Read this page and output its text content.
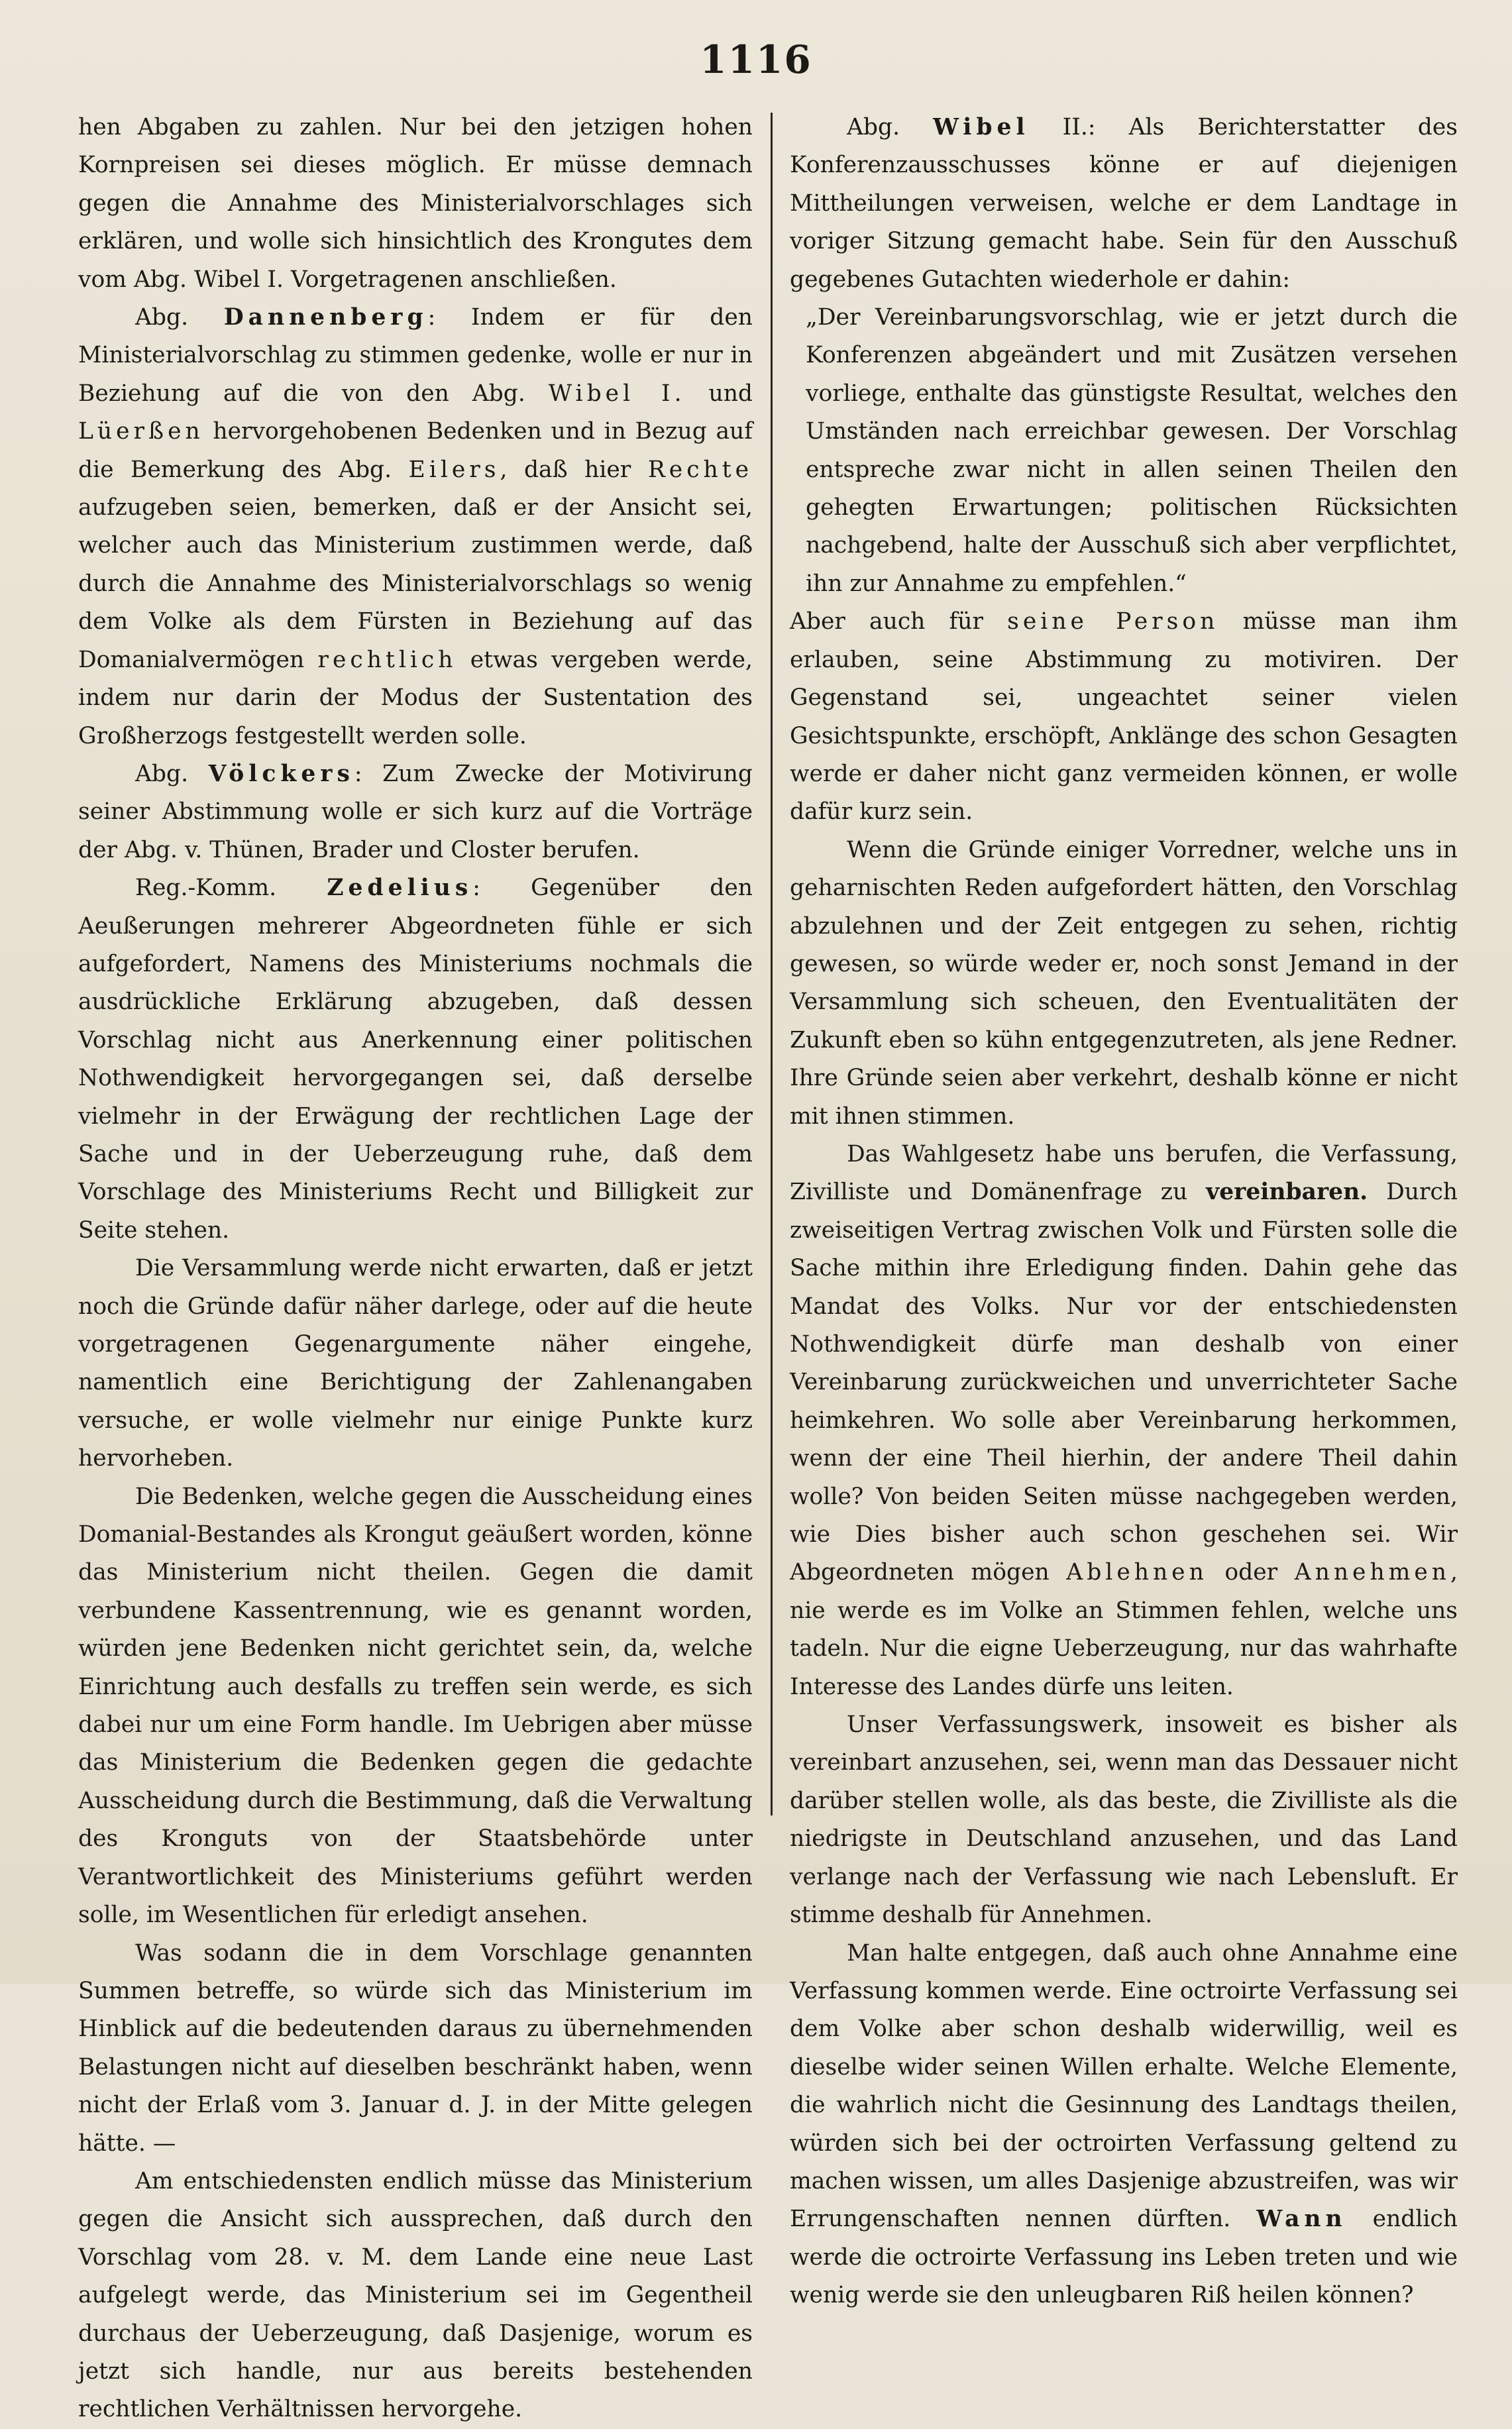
1116

hen Abgaben zu zahlen. Nur bei den jetzigen hohen Kornpreisen sei dieses möglich. Er müsse demnach gegen die Annahme des Ministerialvorschlages sich erklären, und wolle sich hinsichtlich des Krongutes dem vom Abg. Wibel I. Vorgetragenen anschließen.

Abg. Dannenberg: Indem er für den Ministerialvorschlag zu stimmen gedenke, wolle er nur in Beziehung auf die von den Abg. Wibel I. und Lüerßen hervorgehobenen Bedenken und in Bezug auf die Bemerkung des Abg. Eilers, daß hier Rechte aufzugeben seien, bemerken, daß er der Ansicht sei, welcher auch das Ministerium zustimmen werde, daß durch die Annahme des Ministerialvorschlags so wenig dem Volke als dem Fürsten in Beziehung auf das Domanialvermögen rechtlich etwas vergeben werde, indem nur darin der Modus der Sustentation des Großherzogs festgestellt werden solle.

Abg. Völckers: Zum Zwecke der Motivirung seiner Abstimmung wolle er sich kurz auf die Vorträge der Abg. v. Thünen, Brader und Closter berufen.

Reg.-Komm. Zedelius: Gegenüber den Aeußerungen mehrerer Abgeordneten fühle er sich aufgefordert, Namens des Ministeriums nochmals die ausdrückliche Erklärung abzugeben, daß dessen Vorschlag nicht aus Anerkennung einer politischen Nothwendigkeit hervorgegangen sei, daß derselbe vielmehr in der Erwägung der rechtlichen Lage der Sache und in der Ueberzeugung ruhe, daß dem Vorschlage des Ministeriums Recht und Billigkeit zur Seite stehen.

Die Versammlung werde nicht erwarten, daß er jetzt noch die Gründe dafür näher darlege, oder auf die heute vorgetragenen Gegenargumente näher eingehe, namentlich eine Berichtigung der Zahlenangaben versuche, er wolle vielmehr nur einige Punkte kurz hervorheben.

Die Bedenken, welche gegen die Ausscheidung eines Domanial-Bestandes als Krongut geäußert worden, könne das Ministerium nicht theilen. Gegen die damit verbundene Kassentrennung, wie es genannt worden, würden jene Bedenken nicht gerichtet sein, da, welche Einrichtung auch desfalls zu treffen sein werde, es sich dabei nur um eine Form handle. Im Uebrigen aber müsse das Ministerium die Bedenken gegen die gedachte Ausscheidung durch die Bestimmung, daß die Verwaltung des Kronguts von der Staatsbehörde unter Verantwortlichkeit des Ministeriums geführt werden solle, im Wesentlichen für erledigt ansehen.

Was sodann die in dem Vorschlage genannten Summen betreffe, so würde sich das Ministerium im Hinblick auf die bedeutenden daraus zu übernehmenden Belastungen nicht auf dieselben beschränkt haben, wenn nicht der Erlaß vom 3. Januar d. J. in der Mitte gelegen hätte. —

Am entschiedensten endlich müsse das Ministerium gegen die Ansicht sich aussprechen, daß durch den Vorschlag vom 28. v. M. dem Lande eine neue Last aufgelegt werde, das Ministerium sei im Gegentheil durchaus der Ueberzeugung, daß Dasjenige, worum es jetzt sich handle, nur aus bereits bestehenden rechtlichen Verhältnissen hervorgehe.

Abg. Wibel II.: Als Berichterstatter des Konferenzausschusses könne er auf diejenigen Mittheilungen verweisen, welche er dem Landtage in voriger Sitzung gemacht habe. Sein für den Ausschuß gegebenes Gutachten wiederhole er dahin:

„Der Vereinbarungsvorschlag, wie er jetzt durch die Konferenzen abgeändert und mit Zusätzen versehen vorliege, enthalte das günstigste Resultat, welches den Umständen nach erreichbar gewesen. Der Vorschlag entspreche zwar nicht in allen seinen Theilen den gehegten Erwartungen; politischen Rücksichten nachgebend, halte der Ausschuß sich aber verpflichtet, ihn zur Annahme zu empfehlen.“

Aber auch für seine Person müsse man ihm erlauben, seine Abstimmung zu motiviren. Der Gegenstand sei, ungeachtet seiner vielen Gesichtspunkte, erschöpft, Anklänge des schon Gesagten werde er daher nicht ganz vermeiden können, er wolle dafür kurz sein.

Wenn die Gründe einiger Vorredner, welche uns in geharnischten Reden aufgefordert hätten, den Vorschlag abzulehnen und der Zeit entgegen zu sehen, richtig gewesen, so würde weder er, noch sonst Jemand in der Versammlung sich scheuen, den Eventualitäten der Zukunft eben so kühn entgegenzutreten, als jene Redner. Ihre Gründe seien aber verkehrt, deshalb könne er nicht mit ihnen stimmen.

Das Wahlgesetz habe uns berufen, die Verfassung, Zivilliste und Domänenfrage zu vereinbaren. Durch zweiseitigen Vertrag zwischen Volk und Fürsten solle die Sache mithin ihre Erledigung finden. Dahin gehe das Mandat des Volks. Nur vor der entschiedensten Nothwendigkeit dürfe man deshalb von einer Vereinbarung zurückweichen und unverrichteter Sache heimkehren. Wo solle aber Vereinbarung herkommen, wenn der eine Theil hierhin, der andere Theil dahin wolle? Von beiden Seiten müsse nachgegeben werden, wie Dies bisher auch schon geschehen sei. Wir Abgeordneten mögen Ablehnen oder Annehmen, nie werde es im Volke an Stimmen fehlen, welche uns tadeln. Nur die eigne Ueberzeugung, nur das wahrhafte Interesse des Landes dürfe uns leiten.

Unser Verfassungswerk, insoweit es bisher als vereinbart anzusehen, sei, wenn man das Dessauer nicht darüber stellen wolle, als das beste, die Zivilliste als die niedrigste in Deutschland anzusehen, und das Land verlange nach der Verfassung wie nach Lebensluft. Er stimme deshalb für Annehmen.

Man halte entgegen, daß auch ohne Annahme eine Verfassung kommen werde. Eine octroirte Verfassung sei dem Volke aber schon deshalb widerwillig, weil es dieselbe wider seinen Willen erhalte. Welche Elemente, die wahrlich nicht die Gesinnung des Landtags theilen, würden sich bei der octroirten Verfassung geltend zu machen wissen, um alles Dasjenige abzustreifen, was wir Errungenschaften nennen dürften. Wann endlich werde die octroirte Verfassung ins Leben treten und wie wenig werde sie den unleugbaren Riß heilen können?
